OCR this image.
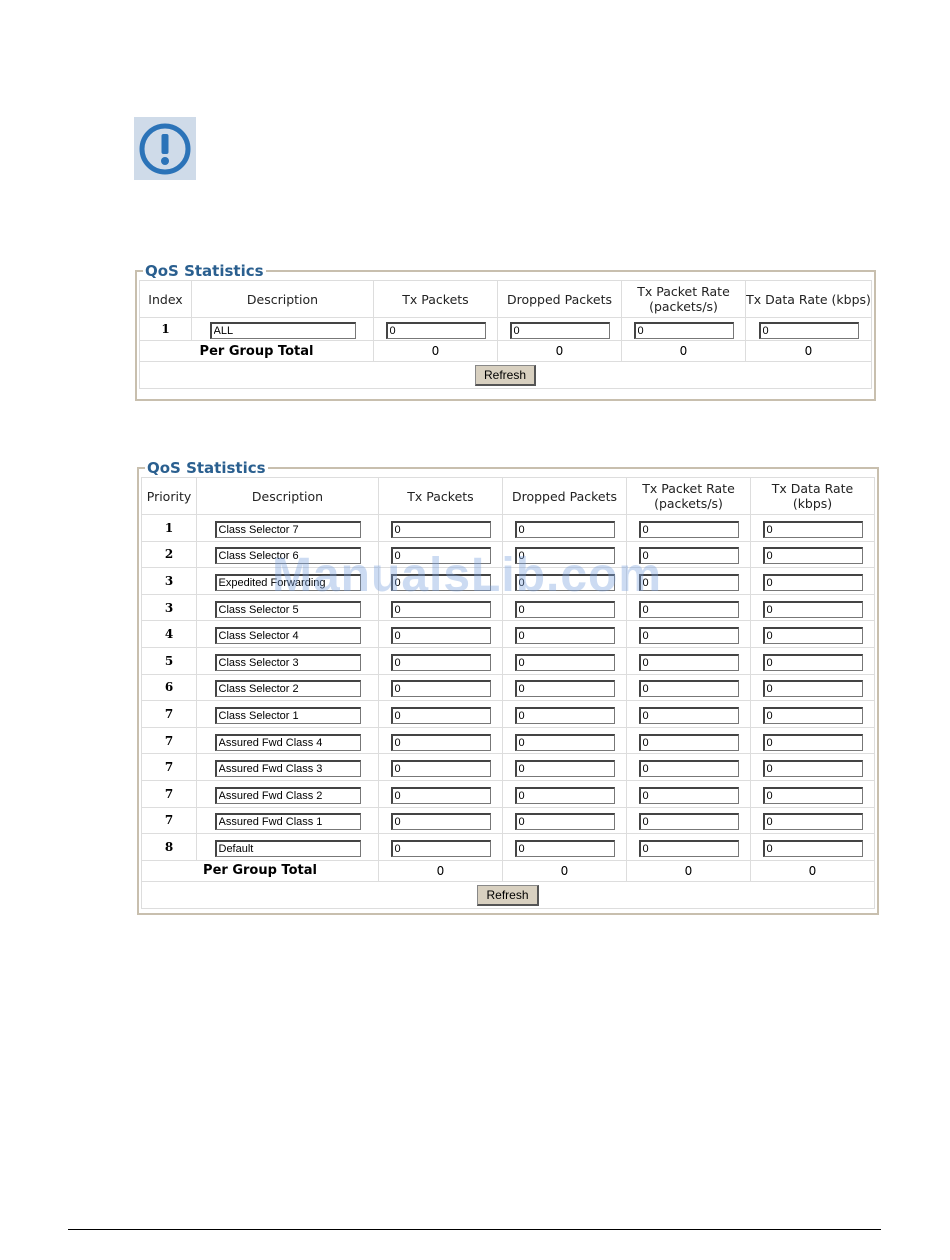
QoS Statistics
Index	Description	Tx Packets	Dropped Packets	Tx Packet Rate (packets/s)	Tx Data Rate (kbps)
1	ALL	0	0	0	0
Per Group Total		0	0	0	0
Refresh					
QoS Statistics
Priority	Description	Tx Packets	Dropped Packets	Tx Packet Rate (packets/s)	Tx Data Rate (kbps)
1	Class Selector 7	0	0	0	0
2	Class Selector 6	0	0	0	0
3	Expedited Forwarding	0	0	0	0
3	Class Selector 5	0	0	0	0
4	Class Selector 4	0	0	0	0
5	Class Selector 3	0	0	0	0
6	Class Selector 2	0	0	0	0
7	Class Selector 1	0	0	0	0
7	Assured Fwd Class 4	0	0	0	0
7	Assured Fwd Class 3	0	0	0	0
7	Assured Fwd Class 2	0	0	0	0
7	Assured Fwd Class 1	0	0	0	0
8	Default	0	0	0	0
Per Group Total		0	0	0	0
Refresh					
ManualsLib.com
